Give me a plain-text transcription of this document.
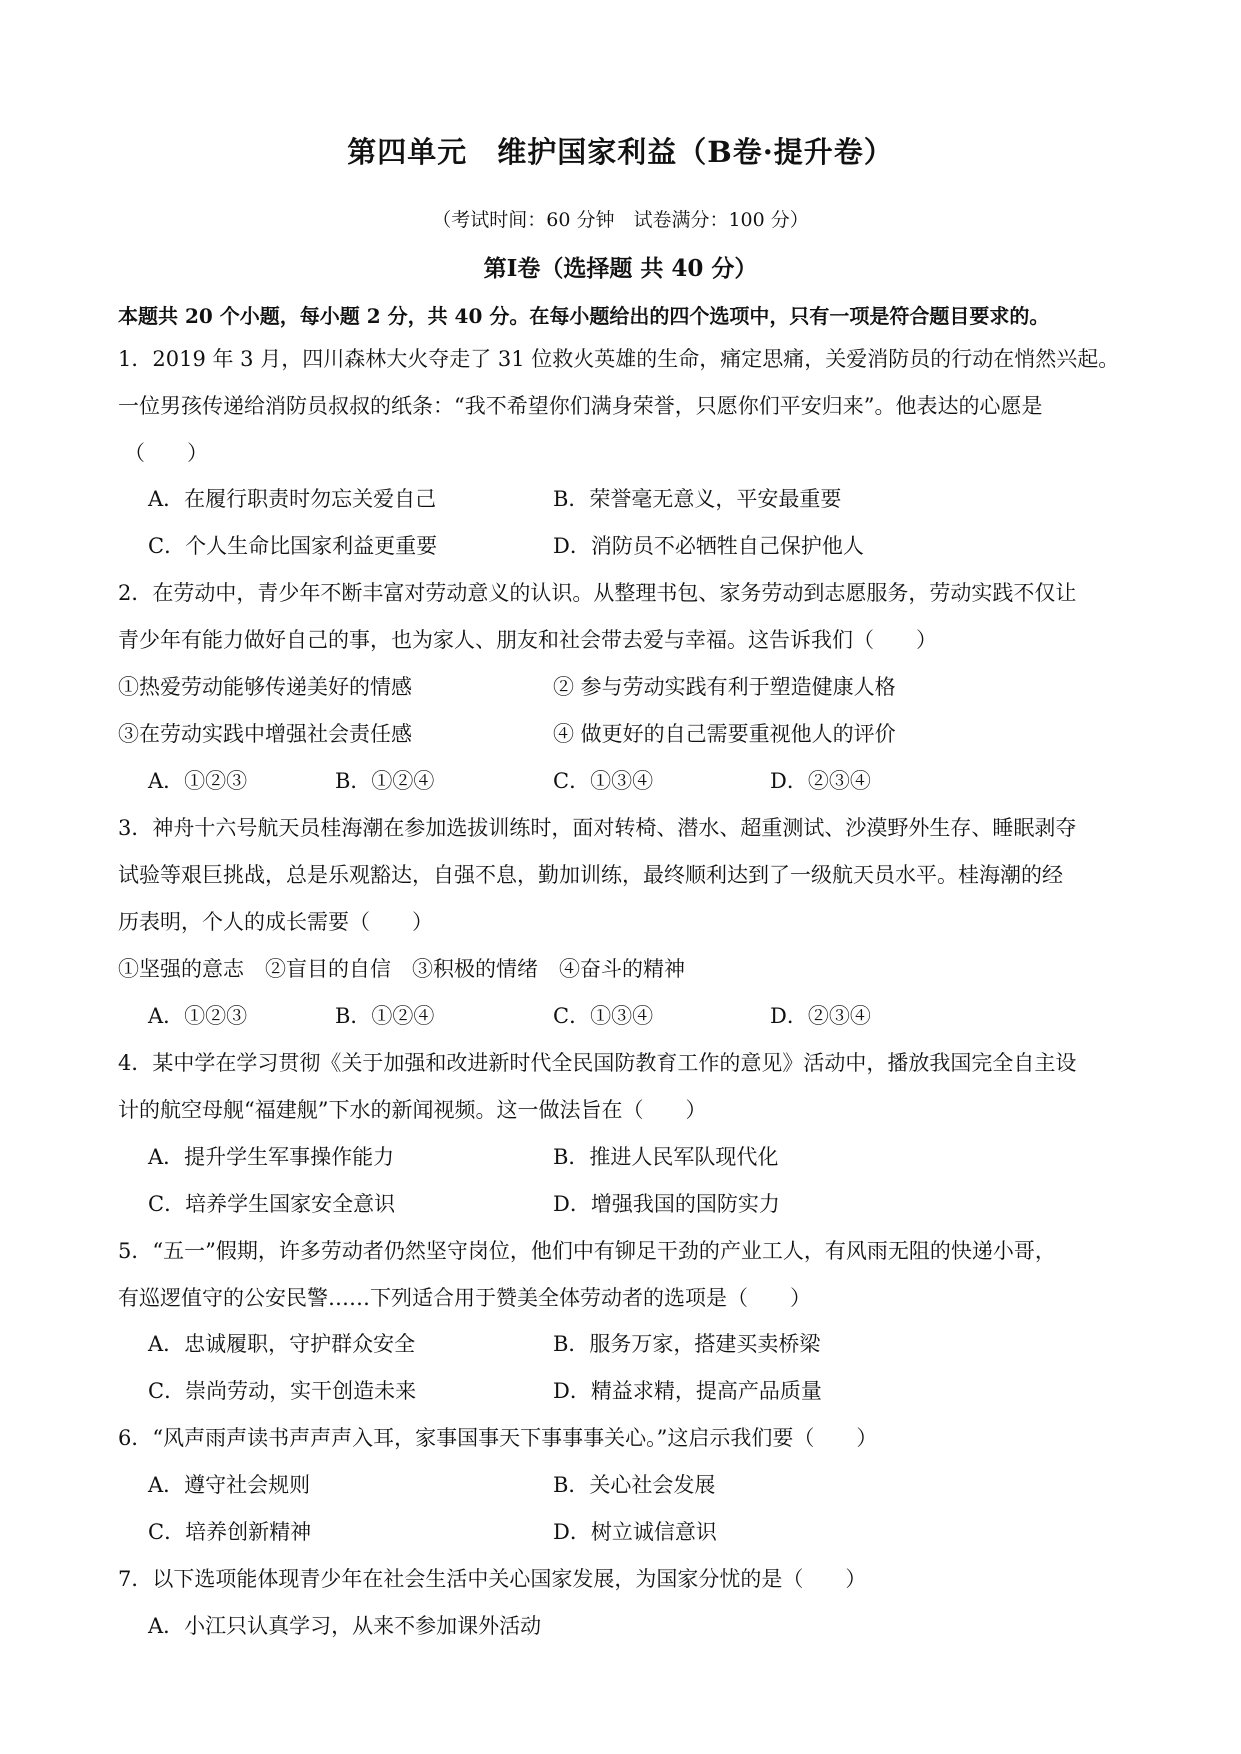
第四单元　维护国家利益（B卷·提升卷）
（考试时间：60 分钟　试卷满分：100 分）
第Ⅰ卷（选择题 共 40 分）
本题共 20 个小题，每小题 2 分，共 40 分。在每小题给出的四个选项中，只有一项是符合题目要求的。
1．2019 年 3 月，四川森林大火夺走了 31 位救火英雄的生命，痛定思痛，关爱消防员的行动在悄然兴起。
一位男孩传递给消防员叔叔的纸条：“我不希望你们满身荣誉，只愿你们平安归来”。他表达的心愿是
（　　）
A．在履行职责时勿忘关爱自己	B．荣誉毫无意义，平安最重要
C．个人生命比国家利益更重要	D．消防员不必牺牲自己保护他人
2．在劳动中，青少年不断丰富对劳动意义的认识。从整理书包、家务劳动到志愿服务，劳动实践不仅让
青少年有能力做好自己的事，也为家人、朋友和社会带去爱与幸福。这告诉我们（　　）
①热爱劳动能够传递美好的情感	② 参与劳动实践有利于塑造健康人格
③在劳动实践中增强社会责任感	④ 做更好的自己需要重视他人的评价
A．①②③	B．①②④	C．①③④	D．②③④
3．神舟十六号航天员桂海潮在参加选拔训练时，面对转椅、潜水、超重测试、沙漠野外生存、睡眠剥夺
试验等艰巨挑战，总是乐观豁达，自强不息，勤加训练，最终顺利达到了一级航天员水平。桂海潮的经
历表明，个人的成长需要（　　）
①坚强的意志　②盲目的自信　③积极的情绪　④奋斗的精神
A．①②③	B．①②④	C．①③④	D．②③④
4．某中学在学习贯彻《关于加强和改进新时代全民国防教育工作的意见》活动中，播放我国完全自主设
计的航空母舰“福建舰”下水的新闻视频。这一做法旨在（　　）
A．提升学生军事操作能力	B．推进人民军队现代化
C．培养学生国家安全意识	D．增强我国的国防实力
5．“五一”假期，许多劳动者仍然坚守岗位，他们中有铆足干劲的产业工人，有风雨无阻的快递小哥，
有巡逻值守的公安民警……下列适合用于赞美全体劳动者的选项是（　　）
A．忠诚履职，守护群众安全	B．服务万家，搭建买卖桥梁
C．崇尚劳动，实干创造未来	D．精益求精，提高产品质量
6．“风声雨声读书声声声入耳，家事国事天下事事事关心。”这启示我们要（　　）
A．遵守社会规则	B．关心社会发展
C．培养创新精神	D．树立诚信意识
7．以下选项能体现青少年在社会生活中关心国家发展，为国家分忧的是（　　）
A．小江只认真学习，从来不参加课外活动
